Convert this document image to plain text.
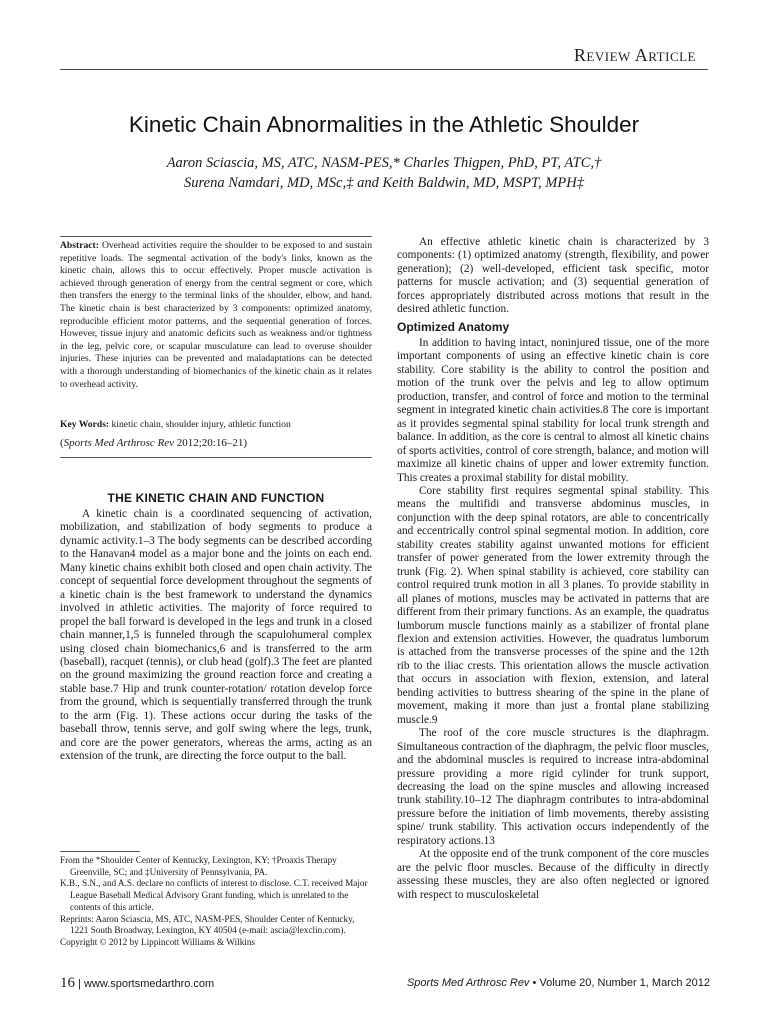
Review Article
Kinetic Chain Abnormalities in the Athletic Shoulder
Aaron Sciascia, MS, ATC, NASM-PES,* Charles Thigpen, PhD, PT, ATC,†
Surena Namdari, MD, MSc,‡ and Keith Baldwin, MD, MSPT, MPH‡

Abstract: Overhead activities require the shoulder to be exposed to and sustain repetitive loads. The segmental activation of the body's links, known as the kinetic chain, allows this to occur effectively. Proper muscle activation is achieved through generation of energy from the central segment or core, which then transfers the energy to the terminal links of the shoulder, elbow, and hand. The kinetic chain is best characterized by 3 components: optimized anatomy, reproducible efficient motor patterns, and the sequential generation of forces. However, tissue injury and anatomic deficits such as weakness and/or tightness in the leg, pelvic core, or scapular musculature can lead to overuse shoulder injuries. These injuries can be prevented and maladaptations can be detected with a thorough understanding of biomechanics of the kinetic chain as it relates to overhead activity.

Key Words: kinetic chain, shoulder injury, athletic function
(Sports Med Arthrosc Rev 2012;20:16–21)
THE KINETIC CHAIN AND FUNCTION

A kinetic chain is a coordinated sequencing of activation, mobilization, and stabilization of body segments to produce a dynamic activity.1–3 The body segments can be described according to the Hanavan4 model as a major bone and the joints on each end. Many kinetic chains exhibit both closed and open chain activity. The concept of sequential force development throughout the segments of a kinetic chain is the best framework to understand the dynamics involved in athletic activities. The majority of force required to propel the ball forward is developed in the legs and trunk in a closed chain manner,1,5 is funneled through the scapulohumeral complex using closed chain biomechanics,6 and is transferred to the arm (baseball), racquet (tennis), or club head (golf).3 The feet are planted on the ground maximizing the ground reaction force and creating a stable base.7 Hip and trunk counter-rotation/ rotation develop force from the ground, which is sequentially transferred through the trunk to the arm (Fig. 1). These actions occur during the tasks of the baseball throw, tennis serve, and golf swing where the legs, trunk, and core are the power generators, whereas the arms, acting as an extension of the trunk, are directing the force output to the ball.

From the *Shoulder Center of Kentucky, Lexington, KY; †Proaxis Therapy Greenville, SC; and ‡University of Pennsylvania, PA.

K.B., S.N., and A.S. declare no conflicts of interest to disclose. C.T. received Major League Baseball Medical Advisory Grant funding, which is unrelated to the contents of this article.

Reprints: Aaron Sciascia, MS, ATC, NASM-PES, Shoulder Center of Kentucky, 1221 South Broadway, Lexington, KY 40504 (e-mail: ascia@lexclin.com).

Copyright © 2012 by Lippincott Williams & Wilkins

An effective athletic kinetic chain is characterized by 3 components: (1) optimized anatomy (strength, flexibility, and power generation); (2) well-developed, efficient task specific, motor patterns for muscle activation; and (3) sequential generation of forces appropriately distributed across motions that result in the desired athletic function.

Optimized Anatomy

In addition to having intact, noninjured tissue, one of the more important components of using an effective kinetic chain is core stability. Core stability is the ability to control the position and motion of the trunk over the pelvis and leg to allow optimum production, transfer, and control of force and motion to the terminal segment in integrated kinetic chain activities.8 The core is important as it provides segmental spinal stability for local trunk strength and balance. In addition, as the core is central to almost all kinetic chains of sports activities, control of core strength, balance, and motion will maximize all kinetic chains of upper and lower extremity function. This creates a proximal stability for distal mobility.

Core stability first requires segmental spinal stability. This means the multifidi and transverse abdominus muscles, in conjunction with the deep spinal rotators, are able to concentrically and eccentrically control spinal segmental motion. In addition, core stability creates stability against unwanted motions for efficient transfer of power generated from the lower extremity through the trunk (Fig. 2). When spinal stability is achieved, core stability can control required trunk motion in all 3 planes. To provide stability in all planes of motions, muscles may be activated in patterns that are different from their primary functions. As an example, the quadratus lumborum muscle functions mainly as a stabilizer of frontal plane flexion and extension activities. However, the quadratus lumborum is attached from the transverse processes of the spine and the 12th rib to the iliac crests. This orientation allows the muscle activation that occurs in association with flexion, extension, and lateral bending activities to buttress shearing of the spine in the plane of movement, making it more than just a frontal plane stabilizing muscle.9

The roof of the core muscle structures is the diaphragm. Simultaneous contraction of the diaphragm, the pelvic floor muscles, and the abdominal muscles is required to increase intra-abdominal pressure providing a more rigid cylinder for trunk support, decreasing the load on the spine muscles and allowing increased trunk stability.10–12 The diaphragm contributes to intra-abdominal pressure before the initiation of limb movements, thereby assisting spine/ trunk stability. This activation occurs independently of the respiratory actions.13

At the opposite end of the trunk component of the core muscles are the pelvic floor muscles. Because of the difficulty in directly assessing these muscles, they are also often neglected or ignored with respect to musculoskeletal

16 | www.sportsmedarthro.com	Sports Med Arthrosc Rev • Volume 20, Number 1, March 2012
